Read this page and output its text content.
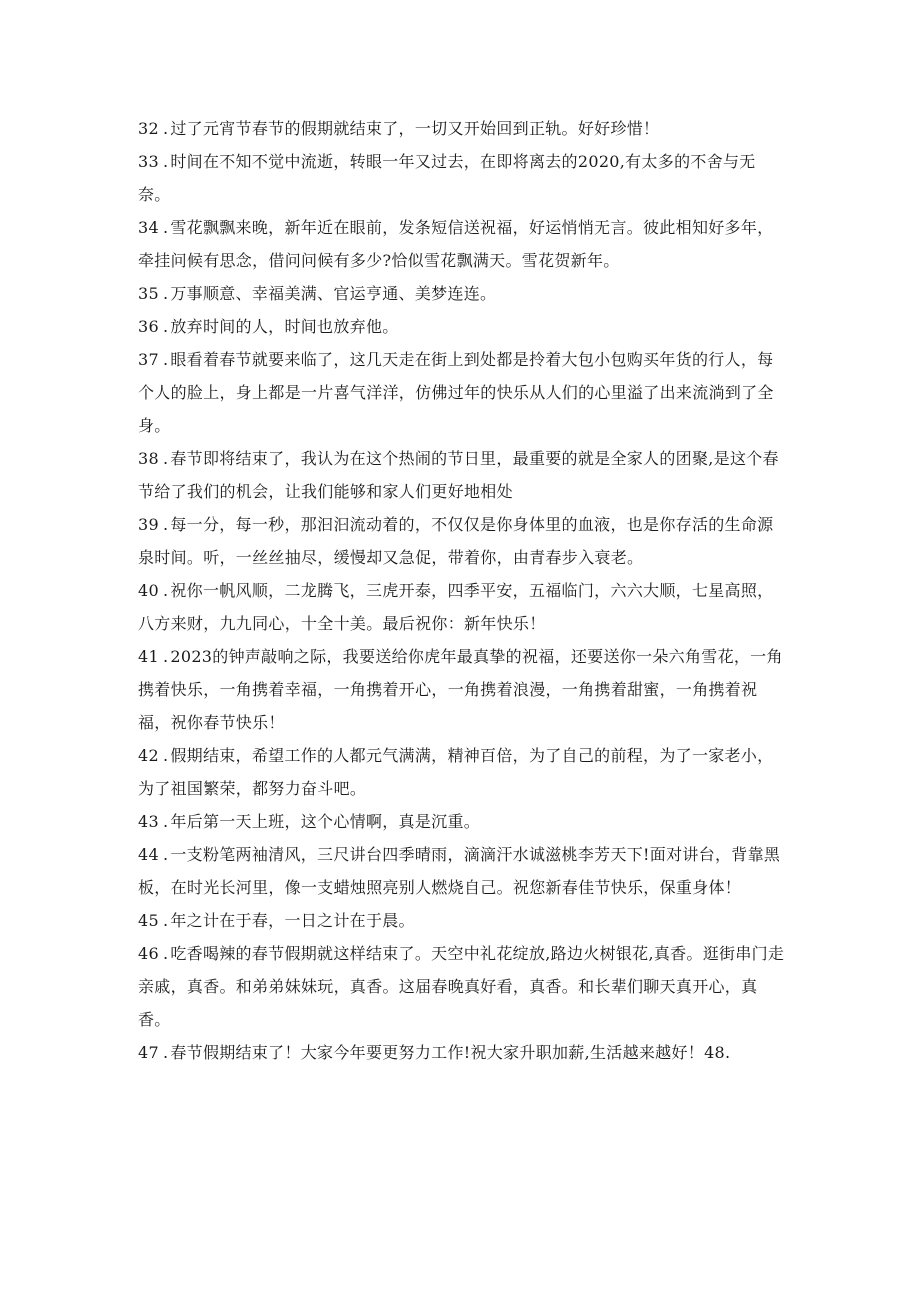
32 . 过了元宵节春节的假期就结束了，一切又开始回到正轨。好好珍惜！

33 . 时间在不知不觉中流逝，转眼一年又过去，在即将离去的2020,有太多的不舍与无奈。

34 . 雪花飘飘来晚，新年近在眼前，发条短信送祝福，好运悄悄无言。彼此相知好多年，牵挂问候有思念，借问问候有多少?恰似雪花飘满天。雪花贺新年。

35 . 万事顺意、幸福美满、官运亨通、美梦连连。

36 . 放弃时间的人，时间也放弃他。

37 . 眼看着春节就要来临了，这几天走在街上到处都是拎着大包小包购买年货的行人，每个人的脸上，身上都是一片喜气洋洋，仿佛过年的快乐从人们的心里溢了出来流淌到了全身。

38 . 春节即将结束了，我认为在这个热闹的节日里，最重要的就是全家人的团聚,是这个春节给了我们的机会，让我们能够和家人们更好地相处

39 . 每一分，每一秒，那汩汩流动着的，不仅仅是你身体里的血液，也是你存活的生命源泉时间。听，一丝丝抽尽，缓慢却又急促，带着你，由青春步入衰老。

40 . 祝你一帆风顺，二龙腾飞，三虎开泰，四季平安，五福临门，六六大顺，七星高照，八方来财，九九同心，十全十美。最后祝你：新年快乐！

41 . 2023的钟声敲响之际，我要送给你虎年最真挚的祝福，还要送你一朵六角雪花，一角携着快乐，一角携着幸福，一角携着开心，一角携着浪漫，一角携着甜蜜，一角携着祝福，祝你春节快乐！

42 . 假期结束，希望工作的人都元气满满，精神百倍，为了自己的前程，为了一家老小，为了祖国繁荣，都努力奋斗吧。

43 . 年后第一天上班，这个心情啊，真是沉重。

44 . 一支粉笔两袖清风，三尺讲台四季晴雨，滴滴汗水诚滋桃李芳天下!面对讲台，背靠黑板，在时光长河里，像一支蜡烛照亮别人燃烧自己。祝您新春佳节快乐，保重身体！

45 . 年之计在于春，一日之计在于晨。

46 . 吃香喝辣的春节假期就这样结束了。天空中礼花绽放,路边火树银花,真香。逛街串门走亲戚，真香。和弟弟妹妹玩，真香。这届春晚真好看，真香。和长辈们聊天真开心，真香。

47 . 春节假期结束了！大家今年要更努力工作!祝大家升职加薪,生活越来越好！48.
